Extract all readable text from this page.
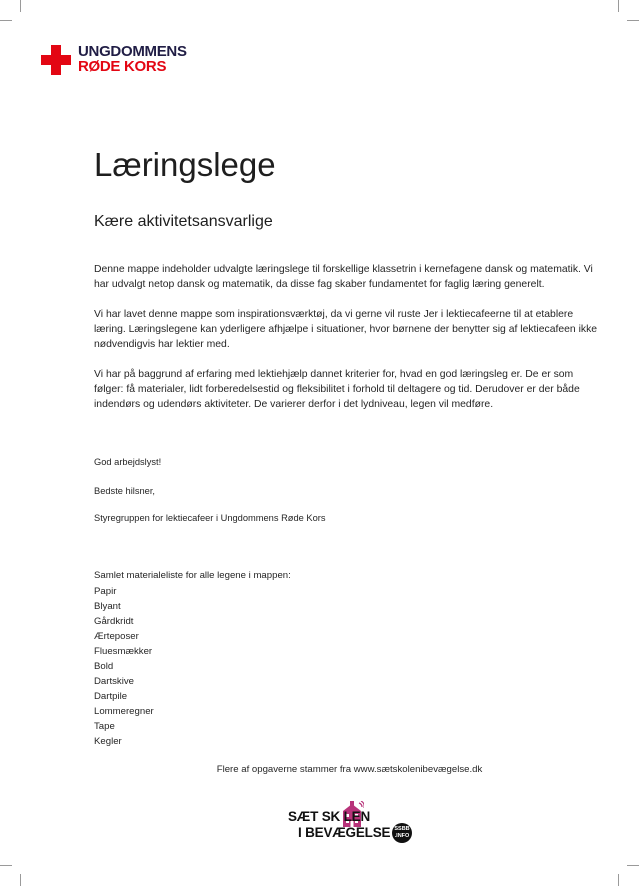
UNGDOMMENS
RØDE KORS
Læringslege
Kære aktivitetsansvarlige

Denne mappe indeholder udvalgte læringslege til forskellige klassetrin i kernefagene dansk og matematik. Vi har udvalgt netop dansk og matematik, da disse fag skaber fundamentet for faglig læring generelt.

Vi har lavet denne mappe som inspirationsværktøj, da vi gerne vil ruste Jer i lektiecafeerne til at etablere læring. Læringslegene kan yderligere afhjælpe i situationer, hvor børnene der benytter sig af lektiecafeen ikke nødvendigvis har lektier med.

Vi har på baggrund af erfaring med lektiehjælp dannet kriterier for, hvad en god læringsleg er. De er som følger: få materialer, lidt forberedelsestid og fleksibilitet i forhold til deltagere og tid. Derudover er der både indendørs og udendørs aktiviteter. De varierer derfor i det lydniveau, legen vil medføre.

God arbejdslyst!
Bedste hilsner,
Styregruppen for lektiecafeer i Ungdommens Røde Kors

Samlet materialeliste for alle legene i mappen:

Papir
Blyant
Gårdkridt
Ærteposer
Fluesmækker
Bold
Dartskive
Dartpile
Lommeregner
Tape
Kegler
Flere af opgaverne stammer fra www.sætskolenibevægelse.dk
SÆT SK LEN
I BEVÆGELSE SSBB
.INFO
